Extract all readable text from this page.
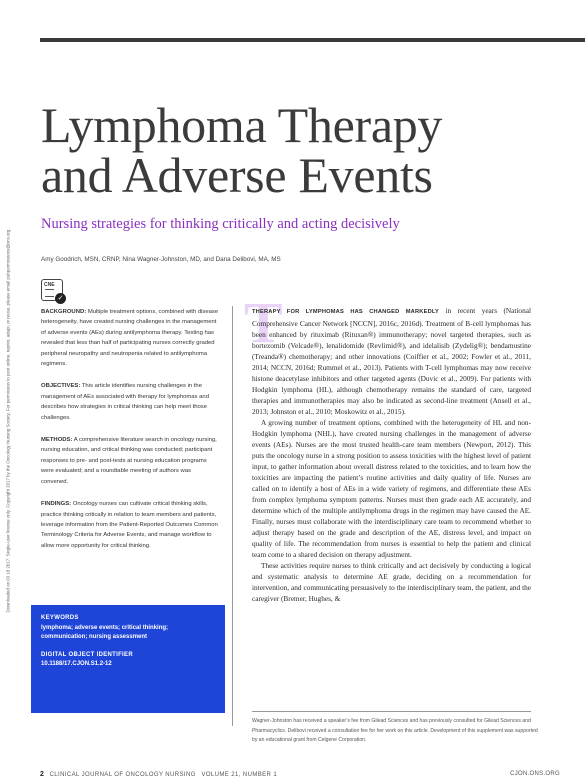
Downloaded on 03 18 2017. Single-user license only. Copyright 2017 by the Oncology Nursing Society. For permission to post online, reprint, adapt, or reuse, please email pubpermissions@ons.org.
Lymphoma Therapy
and Adverse Events
Nursing strategies for thinking critically and acting decisively
Amy Goodrich, MSN, CRNP, Nina Wagner-Johnston, MD, and Dana Delibovi, MA, MS
CNE
✓

BACKGROUND: Multiple treatment options, combined with disease heterogeneity, have created nursing challenges in the management of adverse events (AEs) during antilymphoma therapy. Testing has revealed that less than half of participating nurses correctly graded peripheral neuropathy and neutropenia related to antilymphoma regimens.

OBJECTIVES: This article identifies nursing challenges in the management of AEs associated with therapy for lymphomas and describes how strategies in critical thinking can help meet those challenges.

METHODS: A comprehensive literature search in oncology nursing, nursing education, and critical thinking was conducted; participant responses to pre- and post-tests at nursing education programs were evaluated; and a roundtable meeting of authors was convened.

FINDINGS: Oncology nurses can cultivate critical thinking skills, practice thinking critically in relation to team members and patients, leverage information from the Patient-Reported Outcomes Common Terminology Criteria for Adverse Events, and manage workflow to allow more opportunity for critical thinking.

KEYWORDS
lymphoma; adverse events; critical thinking; communication; nursing assessment
DIGITAL OBJECT IDENTIFIER
10.1188/17.CJON.S1.2-12
T

THERAPY FOR LYMPHOMAS HAS CHANGED MARKEDLY in recent years (National Comprehensive Cancer Network [NCCN], 2016c, 2016d). Treatment of B-cell lymphomas has been enhanced by rituximab (Rituxan®) immunotherapy; novel targeted therapies, such as bortezomib (Velcade®), lenalidomide (Revlimid®), and idelalisib (Zydelig®); bendamustine (Treanda®) chemotherapy; and other innovations (Coiffier et al., 2002; Fowler et al., 2011, 2014; NCCN, 2016d; Rummel et al., 2013). Patients with T-cell lymphomas may now receive histone deacetylase inhibitors and other targeted agents (Duvic et al., 2009). For patients with Hodgkin lymphoma (HL), although chemotherapy remains the standard of care, targeted therapies and immunotherapies may also be indicated as second-line treatment (Ansell et al., 2013; Johnston et al., 2010; Moskowitz et al., 2015).

A growing number of treatment options, combined with the heterogeneity of HL and non-Hodgkin lymphoma (NHL), have created nursing challenges in the management of adverse events (AEs). Nurses are the most trusted health-care team members (Newport, 2012). This puts the oncology nurse in a strong position to assess toxicities with the highest level of patient input, to gather information about overall distress related to the toxicities, and to learn how the toxicities are impacting the patient’s routine activities and daily quality of life. Nurses are called on to identify a host of AEs in a wide variety of regimens, and differentiate these AEs from complex lymphoma symptom patterns. Nurses must then grade each AE accurately, and determine which of the multiple antilymphoma drugs in the regimen may have caused the AE. Finally, nurses must collaborate with the interdisciplinary care team to recommend whether to adjust therapy based on the grade and description of the AE, distress level, and impact on quality of life. The recommendation from nurses is essential to help the patient and clinical team come to a shared decision on therapy adjustment.

These activities require nurses to think critically and act decisively by conducting a logical and systematic analysis to determine AE grade, deciding on a recommendation for intervention, and communicating persuasively to the interdisciplinary team, the patient, and the caregiver (Bremer, Hughes, &

Wagner-Johnston has received a speaker’s fee from Gilead Sciences and has previously consulted for Gilead Sciences and Pharmacyclics. Delibovi received a consultation fee for her work on this article. Development of this supplement was supported by an educational grant from Celgene Corporation.
2 CLINICAL JOURNAL OF ONCOLOGY NURSING VOLUME 21, NUMBER 1	CJON.ONS.ORG
